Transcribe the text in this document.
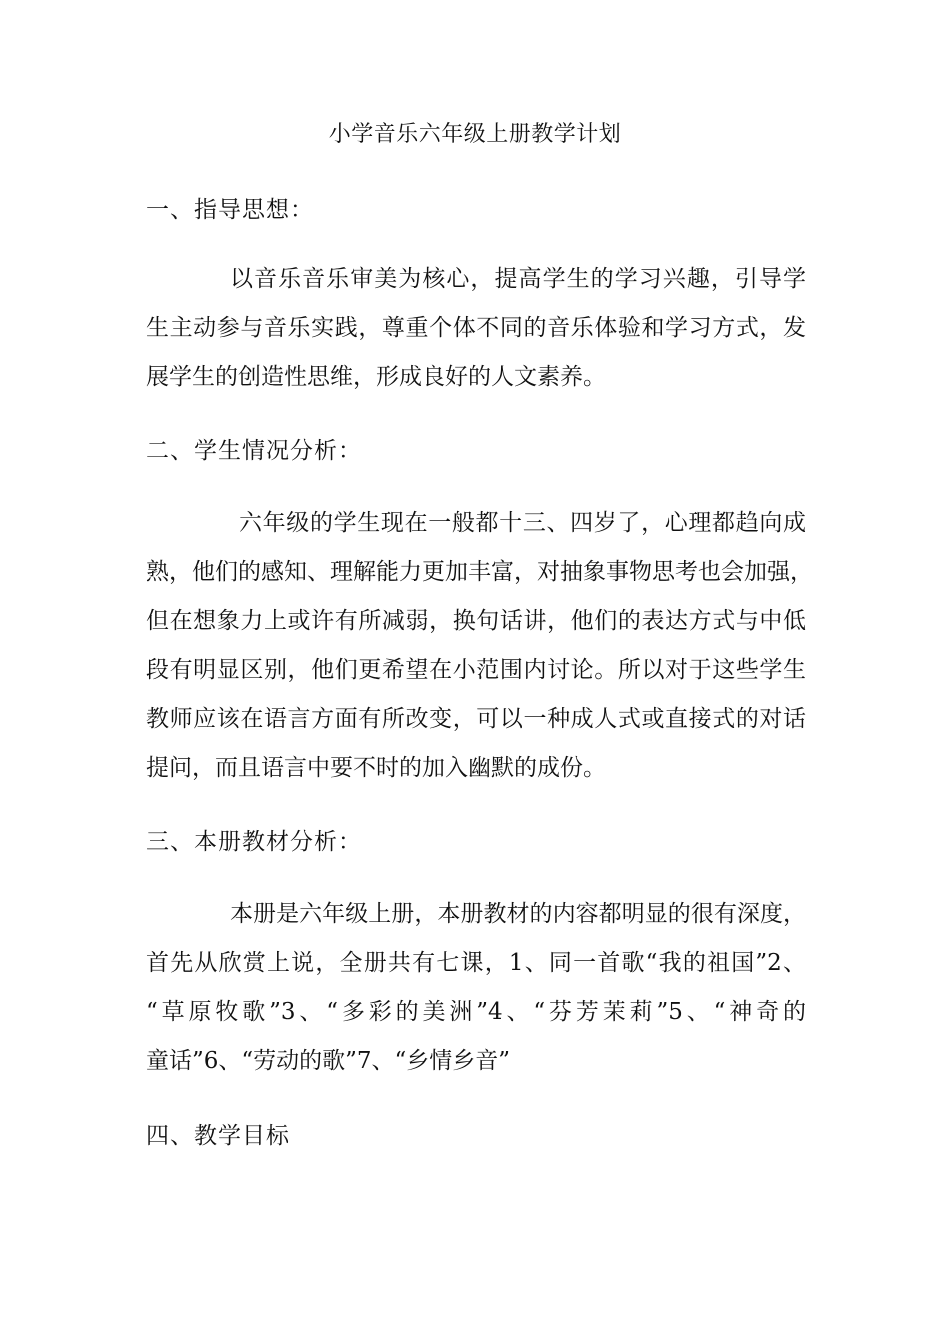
小学音乐六年级上册教学计划
一、指导思想：
以音乐音乐审美为核心，提高学生的学习兴趣，引导学
生主动参与音乐实践，尊重个体不同的音乐体验和学习方式，发
展学生的创造性思维，形成良好的人文素养。
二、学生情况分析：
六年级的学生现在一般都十三、四岁了，心理都趋向成
熟，他们的感知、理解能力更加丰富，对抽象事物思考也会加强，
但在想象力上或许有所减弱，换句话讲，他们的表达方式与中低
段有明显区别，他们更希望在小范围内讨论。所以对于这些学生
教师应该在语言方面有所改变，可以一种成人式或直接式的对话
提问，而且语言中要不时的加入幽默的成份。
三、本册教材分析：
本册是六年级上册，本册教材的内容都明显的很有深度，
首先从欣赏上说，全册共有七课，1、同一首歌“我的祖国”2、
“草原牧歌”3、“多彩的美洲”4、“芬芳茉莉”5、“神奇的
童话”6、“劳动的歌”7、“乡情乡音”
四、教学目标
